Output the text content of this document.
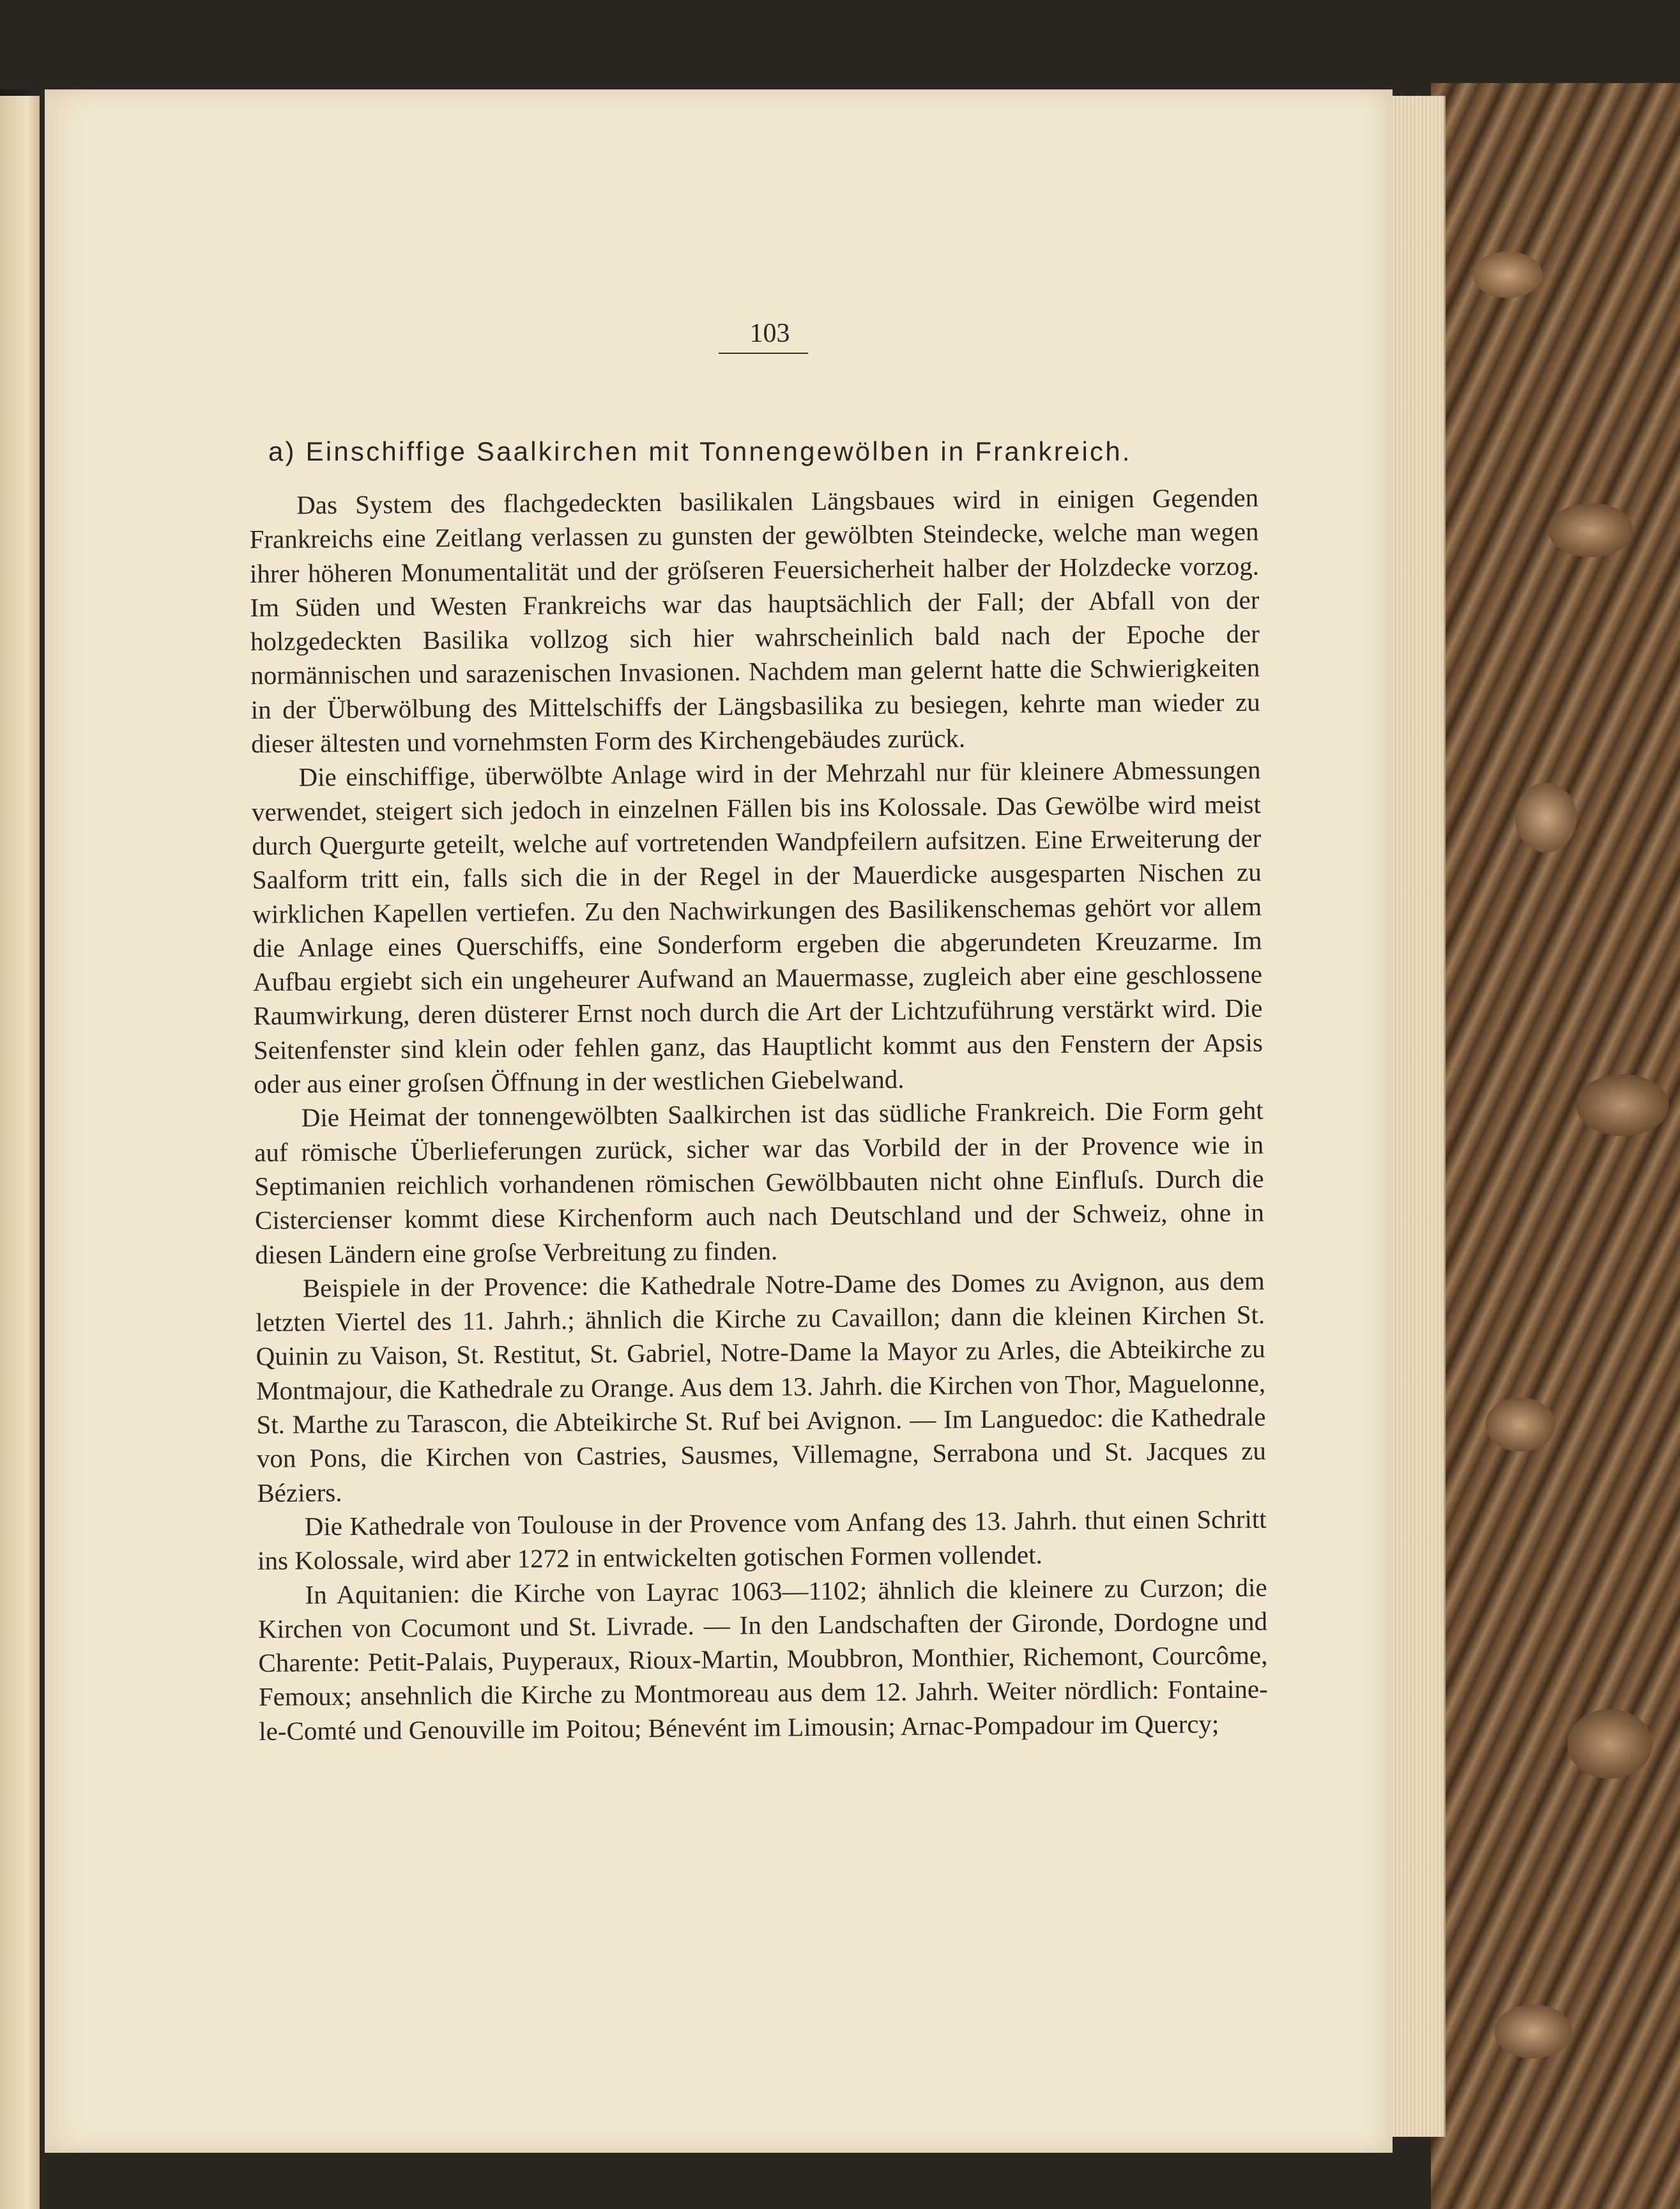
103
a) Einschiffige Saalkirchen mit Tonnengewölben in Frankreich.

Das System des flachgedeckten basilikalen Längsbaues wird in einigen Gegenden Frankreichs eine Zeitlang verlassen zu gunsten der gewölbten Steindecke, welche man wegen ihrer höheren Monumentalität und der gröſseren Feuersicherheit halber der Holzdecke vorzog. Im Süden und Westen Frankreichs war das hauptsächlich der Fall; der Abfall von der holzgedeckten Basilika vollzog sich hier wahrscheinlich bald nach der Epoche der normännischen und sarazenischen Invasionen. Nachdem man gelernt hatte die Schwierigkeiten in der Überwölbung des Mittelschiffs der Längsbasilika zu besiegen, kehrte man wieder zu dieser ältesten und vornehmsten Form des Kirchengebäudes zurück.

Die einschiffige, überwölbte Anlage wird in der Mehrzahl nur für kleinere Abmessungen verwendet, steigert sich jedoch in einzelnen Fällen bis ins Kolossale. Das Gewölbe wird meist durch Quergurte geteilt, welche auf vortretenden Wandpfeilern aufsitzen. Eine Erweiterung der Saalform tritt ein, falls sich die in der Regel in der Mauerdicke ausgesparten Nischen zu wirklichen Kapellen vertiefen. Zu den Nachwirkungen des Basilikenschemas gehört vor allem die Anlage eines Querschiffs, eine Sonderform ergeben die abgerundeten Kreuzarme. Im Aufbau ergiebt sich ein ungeheurer Aufwand an Mauermasse, zugleich aber eine geschlossene Raumwirkung, deren düsterer Ernst noch durch die Art der Lichtzuführung verstärkt wird. Die Seitenfenster sind klein oder fehlen ganz, das Hauptlicht kommt aus den Fenstern der Apsis oder aus einer groſsen Öffnung in der westlichen Giebelwand.

Die Heimat der tonnengewölbten Saalkirchen ist das südliche Frankreich. Die Form geht auf römische Überlieferungen zurück, sicher war das Vorbild der in der Provence wie in Septimanien reichlich vorhandenen römischen Gewölbbauten nicht ohne Einfluſs. Durch die Cistercienser kommt diese Kirchenform auch nach Deutschland und der Schweiz, ohne in diesen Ländern eine groſse Verbreitung zu finden.

Beispiele in der Provence: die Kathedrale Notre-Dame des Domes zu Avignon, aus dem letzten Viertel des 11. Jahrh.; ähnlich die Kirche zu Cavaillon; dann die kleinen Kirchen St. Quinin zu Vaison, St. Restitut, St. Gabriel, Notre-Dame la Mayor zu Arles, die Abteikirche zu Montmajour, die Kathedrale zu Orange. Aus dem 13. Jahrh. die Kirchen von Thor, Maguelonne, St. Marthe zu Tarascon, die Abteikirche St. Ruf bei Avignon. — Im Languedoc: die Kathedrale von Pons, die Kirchen von Castries, Sausmes, Villemagne, Serrabona und St. Jacques zu Béziers.

Die Kathedrale von Toulouse in der Provence vom Anfang des 13. Jahrh. thut einen Schritt ins Kolossale, wird aber 1272 in entwickelten gotischen Formen vollendet.

In Aquitanien: die Kirche von Layrac 1063—1102; ähnlich die kleinere zu Curzon; die Kirchen von Cocumont und St. Livrade. — In den Landschaften der Gironde, Dordogne und Charente: Petit-Palais, Puyperaux, Rioux-Martin, Moubbron, Monthier, Richemont, Courcôme, Femoux; ansehnlich die Kirche zu Montmoreau aus dem 12. Jahrh. Weiter nördlich: Fontaine-le-Comté und Genouville im Poitou; Bénevént im Limousin; Arnac-Pompadour im Quercy;
